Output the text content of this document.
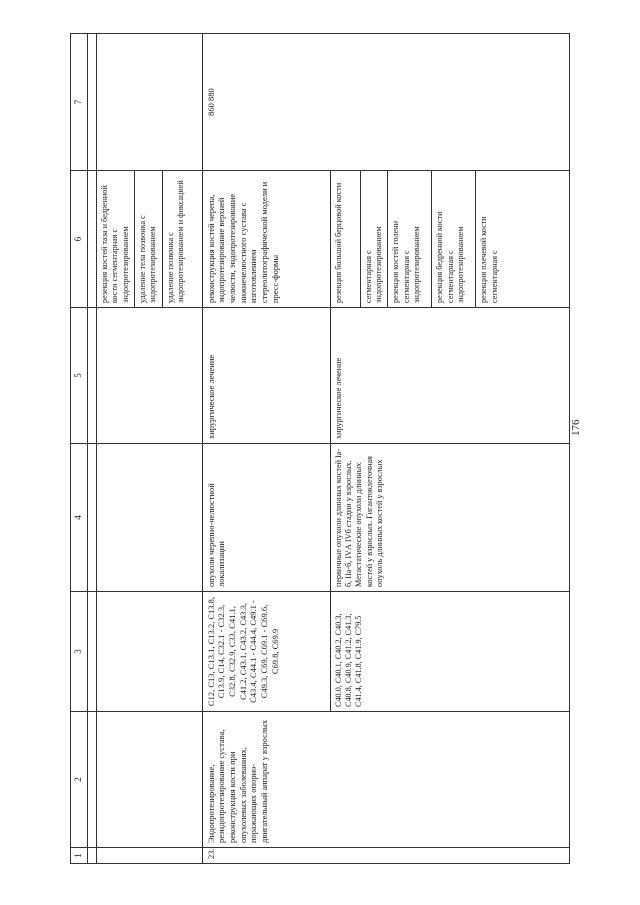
176
1	2	3	4	5	6	7

					резекция костей таза и бедренной кости сегментарная с эндопротезированием	
					удаление тела позвонка с эндопротезированием	
					удаление позвонка с эндопротезированием и фиксацией	
23.	Эндопротезирование, реэндопротезирование сустава, реконструкция кости при опухолевых заболеваниях, поражающих опорно-двигательный аппарат у взрослых	C12, C13, C13.1, C13.2, C13.8, C13.9, C14, C32.1 - C32.3, C32.8, C32.9, C33, C41.1, C41.2, C43.1, C43.2, C43.3, C43.4, C44.1 - C44.4, C49.1 - C49.3, C69, C69.1 - C69.6, C69.8, C69.9	опухоли черепно-челюстной локализации	хирургическое лечение	реконструкция костей черепа, эндопротезирование верхней челюсти, эндопротезирование нижнечелюстного сустава с изготовлением стереолитографической модели и пресс-формы	860 880
		C40.0, C40.1, C40.2, C40.3, C40.8, C40.9, C41.2, C41.3, C41.4, C41.8, C41.9, C79.5	первичные опухоли длинных костей Iа-б, IIа-б, IVА IVб стадии у взрослых. Метастатические опухоли длинных костей у взрослых. Гигантоклеточная опухоль длинных костей у взрослых	хирургическое лечение	резекция большой берцовой кости	
					сегментарная с эндопротезированием	
					резекция костей голени сегментарная с эндопротезированием	
					резекция бедренной кости сегментарная с эндопротезированием	
					резекция плечевой кости сегментарная с	
